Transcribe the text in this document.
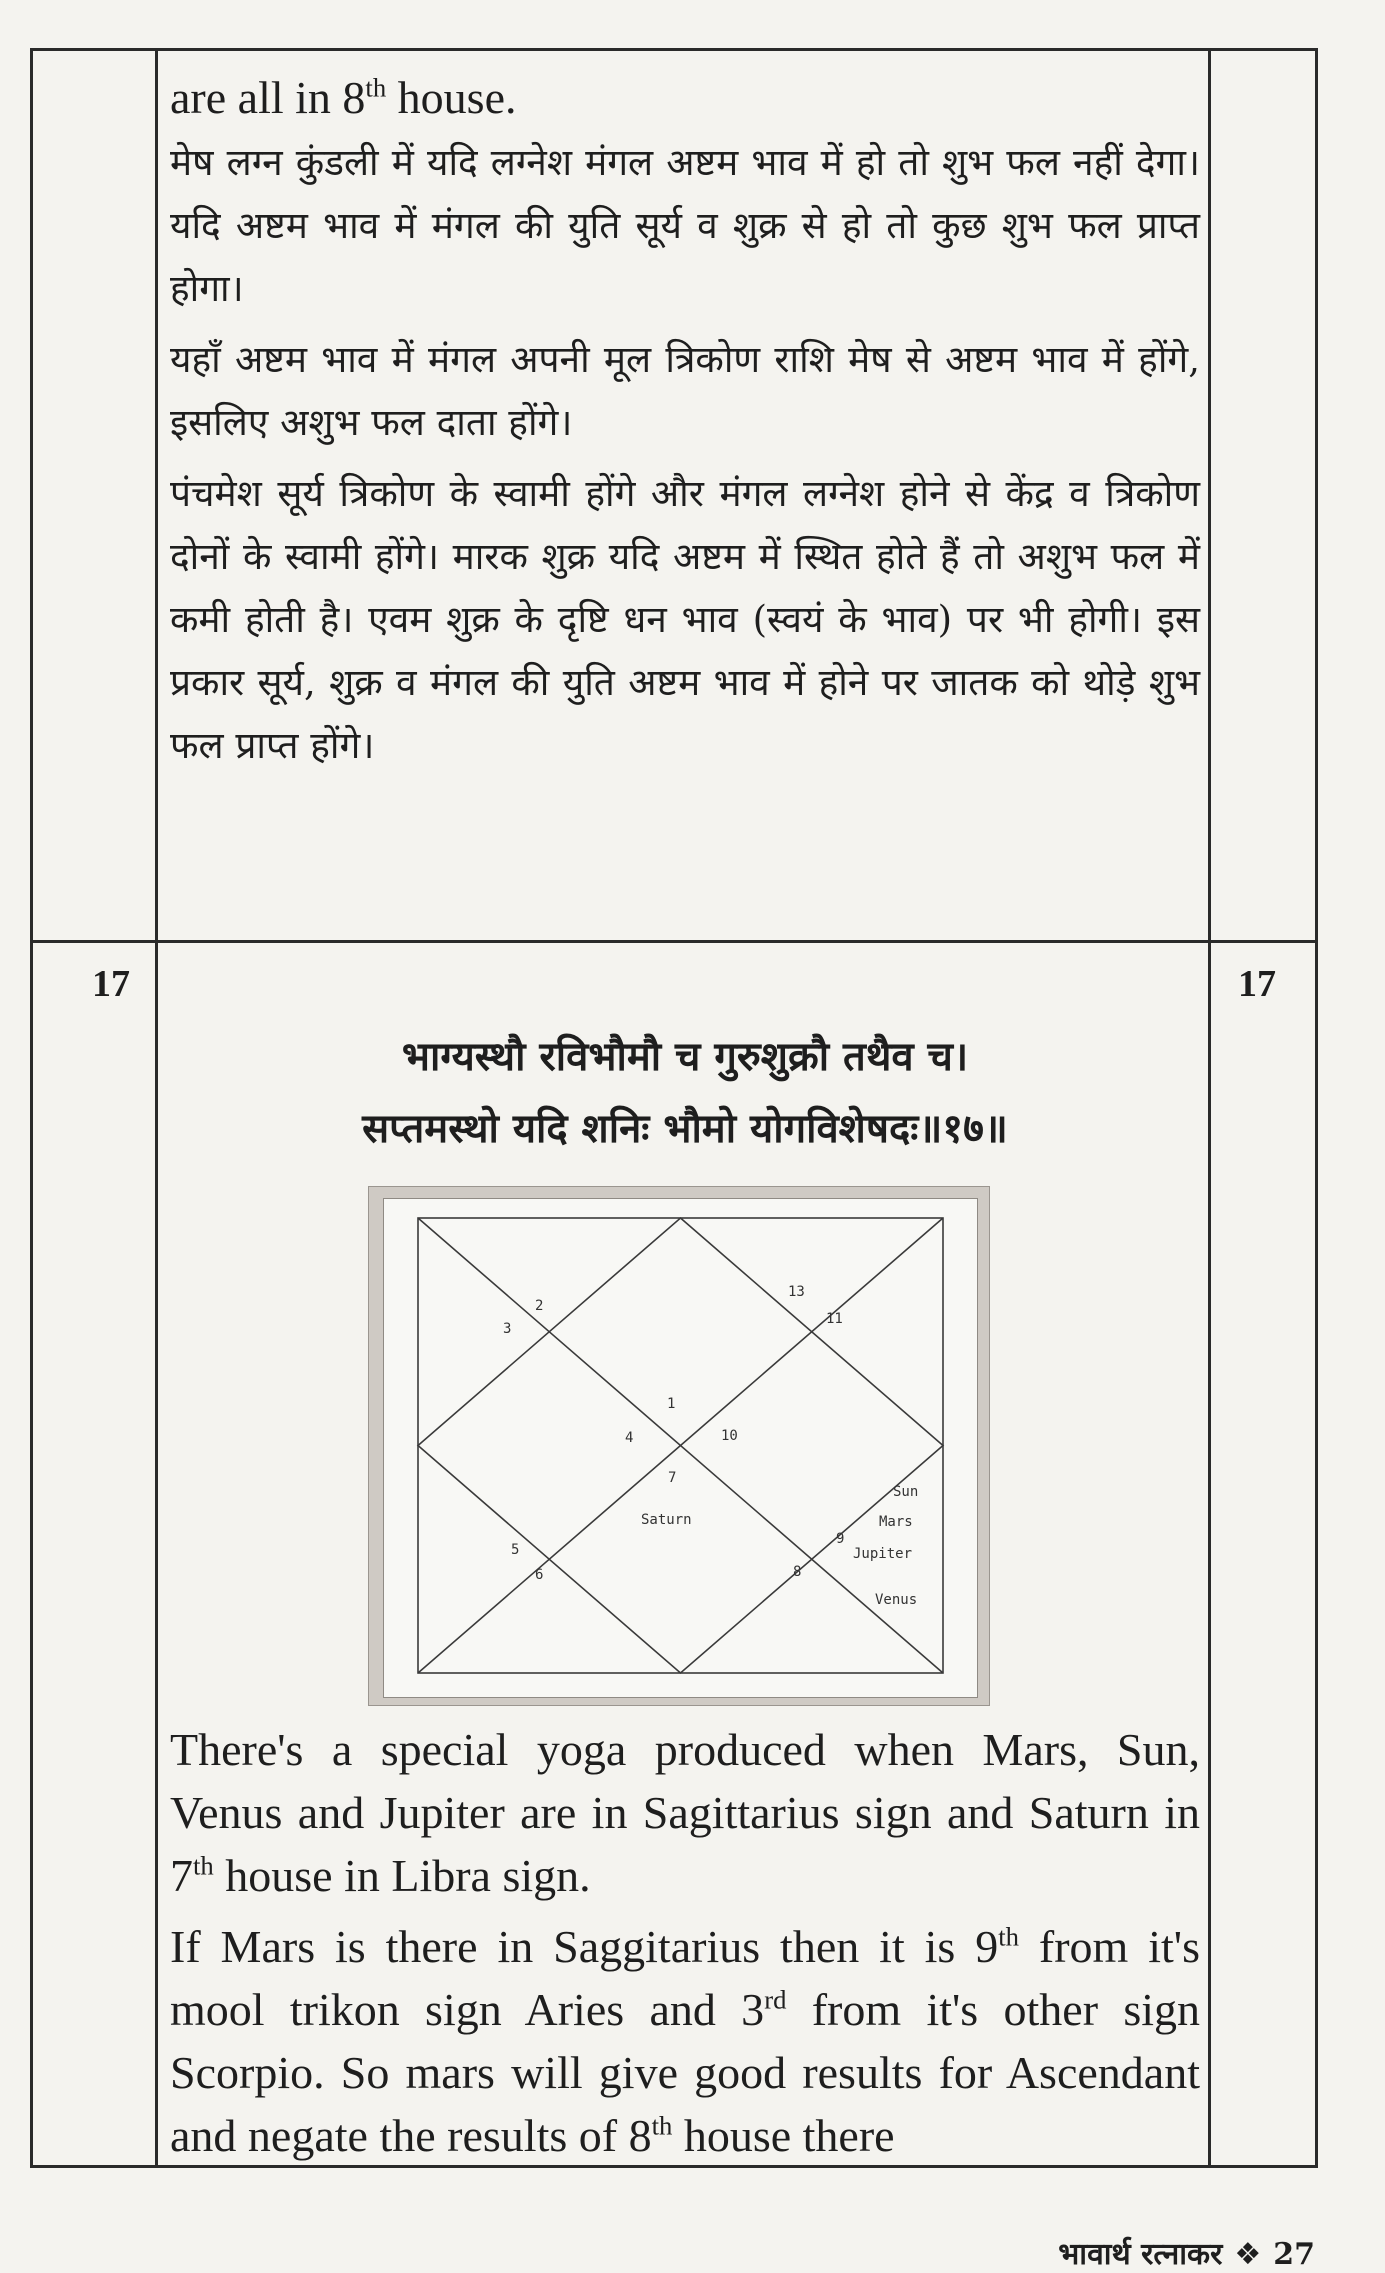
are all in 8th house.

मेष लग्न कुंडली में यदि लग्नेश मंगल अष्टम भाव में हो तो शुभ फल नहीं देगा। यदि अष्टम भाव में मंगल की युति सूर्य व शुक्र से हो तो कुछ शुभ फल प्राप्त होगा।

यहाँ अष्टम भाव में मंगल अपनी मूल त्रिकोण राशि मेष से अष्टम भाव में होंगे, इसलिए अशुभ फल दाता होंगे।

पंचमेश सूर्य त्रिकोण के स्वामी होंगे और मंगल लग्नेश होने से केंद्र व त्रिकोण दोनों के स्वामी होंगे। मारक शुक्र यदि अष्टम में स्थित होते हैं तो अशुभ फल में कमी होती है। एवम शुक्र के दृष्टि धन भाव (स्वयं के भाव) पर भी होगी। इस प्रकार सूर्य, शुक्र व मंगल की युति अष्टम भाव में होने पर जातक को थोड़े शुभ फल प्राप्त होंगे।

17	17
भाग्यस्थौ रविभौमौ च गुरुशुक्रौ तथैव च।
सप्तमस्थो यदि शनिः भौमो योगविशेषदः॥१७॥
1
2
3
4
5
6
7
8
9
10
11
13
Saturn
Sun
Mars
Jupiter
Venus

There's a special yoga produced when Mars, Sun, Venus and Jupiter are in Sagittarius sign and Saturn in 7th house in Libra sign.

If Mars is there in Saggitarius then it is 9th from it's mool trikon sign Aries and 3rd from it's other sign Scorpio. So mars will give good results for Ascendant and negate the results of 8th house there

भावार्थ रत्नाकर ❖ 27
